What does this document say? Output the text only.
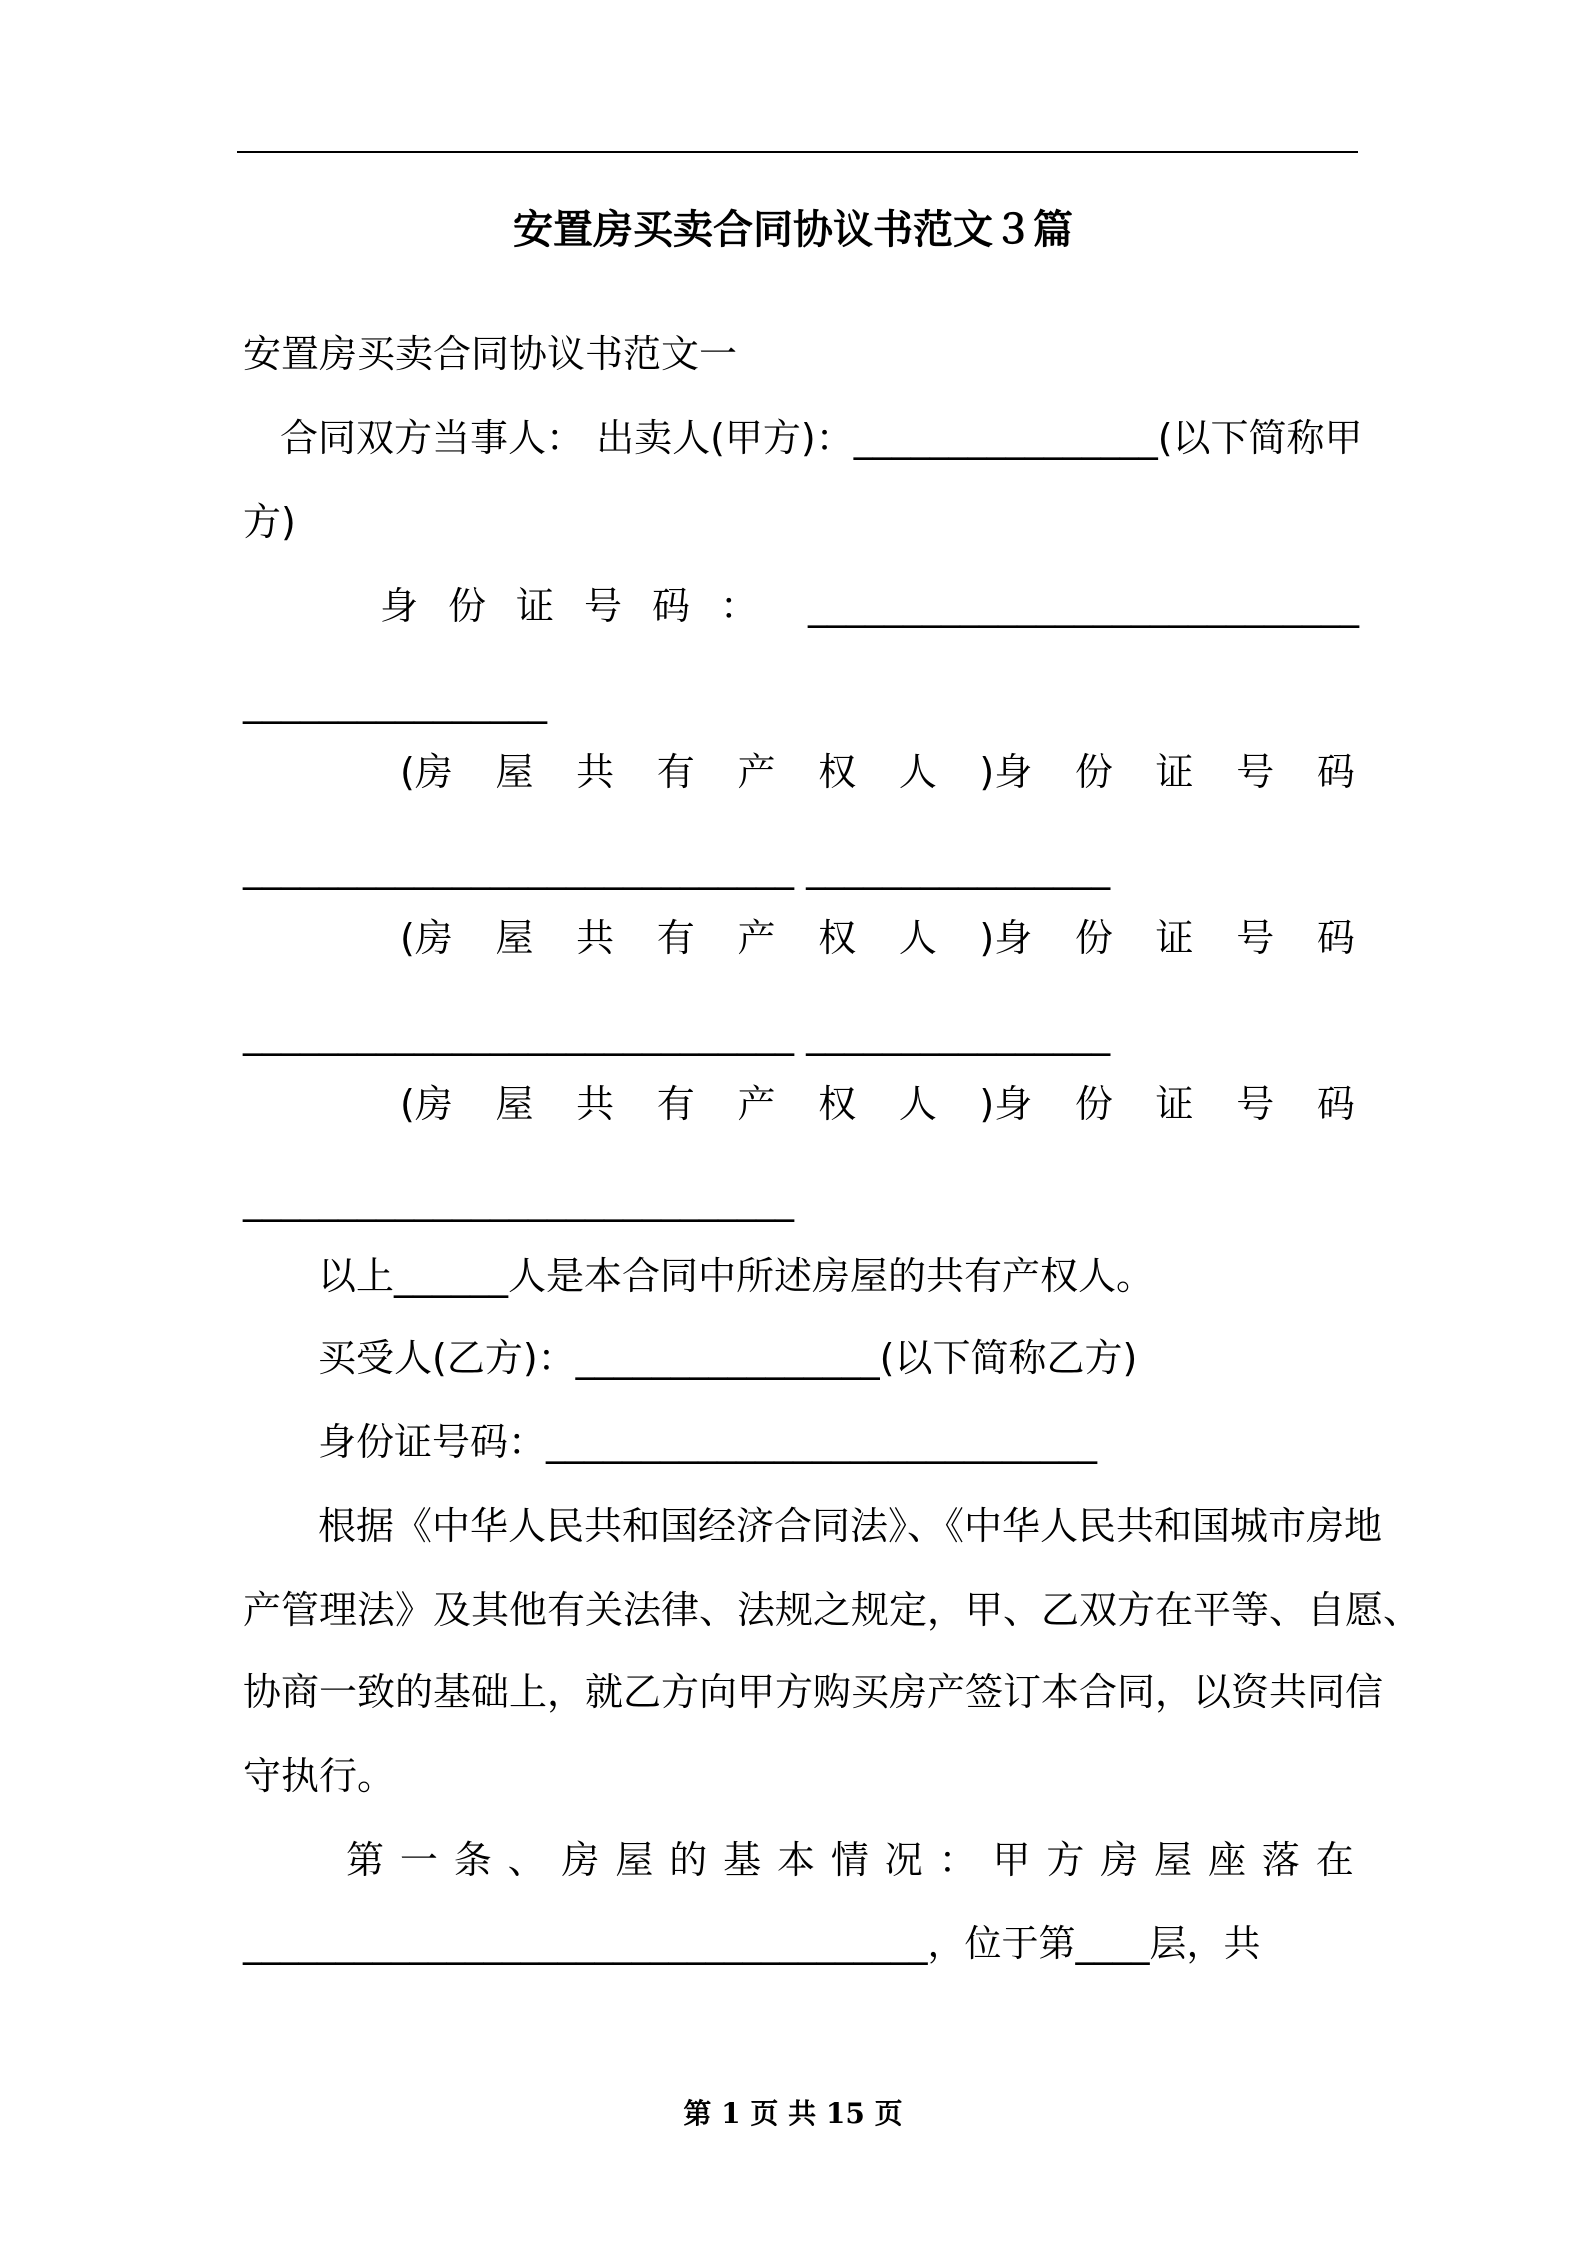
安置房买卖合同协议书范文３篇
安置房买卖合同协议书范文一
合同双方当事人： 出卖人(甲方)：________________(以下简称甲
方)
身份证号码： _____________________________
________________
(房 屋 共 有 产 权 人 )身 份 证 号 码
_____________________________ ________________
(房 屋 共 有 产 权 人 )身 份 证 号 码
_____________________________ ________________
(房 屋 共 有 产 权 人 )身 份 证 号 码
_____________________________
以上______人是本合同中所述房屋的共有产权人。
买受人(乙方)：________________(以下简称乙方)
身份证号码：_____________________________
根据《中华人民共和国经济合同法》、《中华人民共和国城市房地
产管理法》及其他有关法律、法规之规定，甲、乙双方在平等、自愿、
协商一致的基础上，就乙方向甲方购买房产签订本合同，以资共同信
守执行。
第 一 条 、 房 屋 的 基 本 情 况 ： 甲 方 房 屋 座 落 在
_____________________________________，位于第____层，共
第 1 页 共 15 页
